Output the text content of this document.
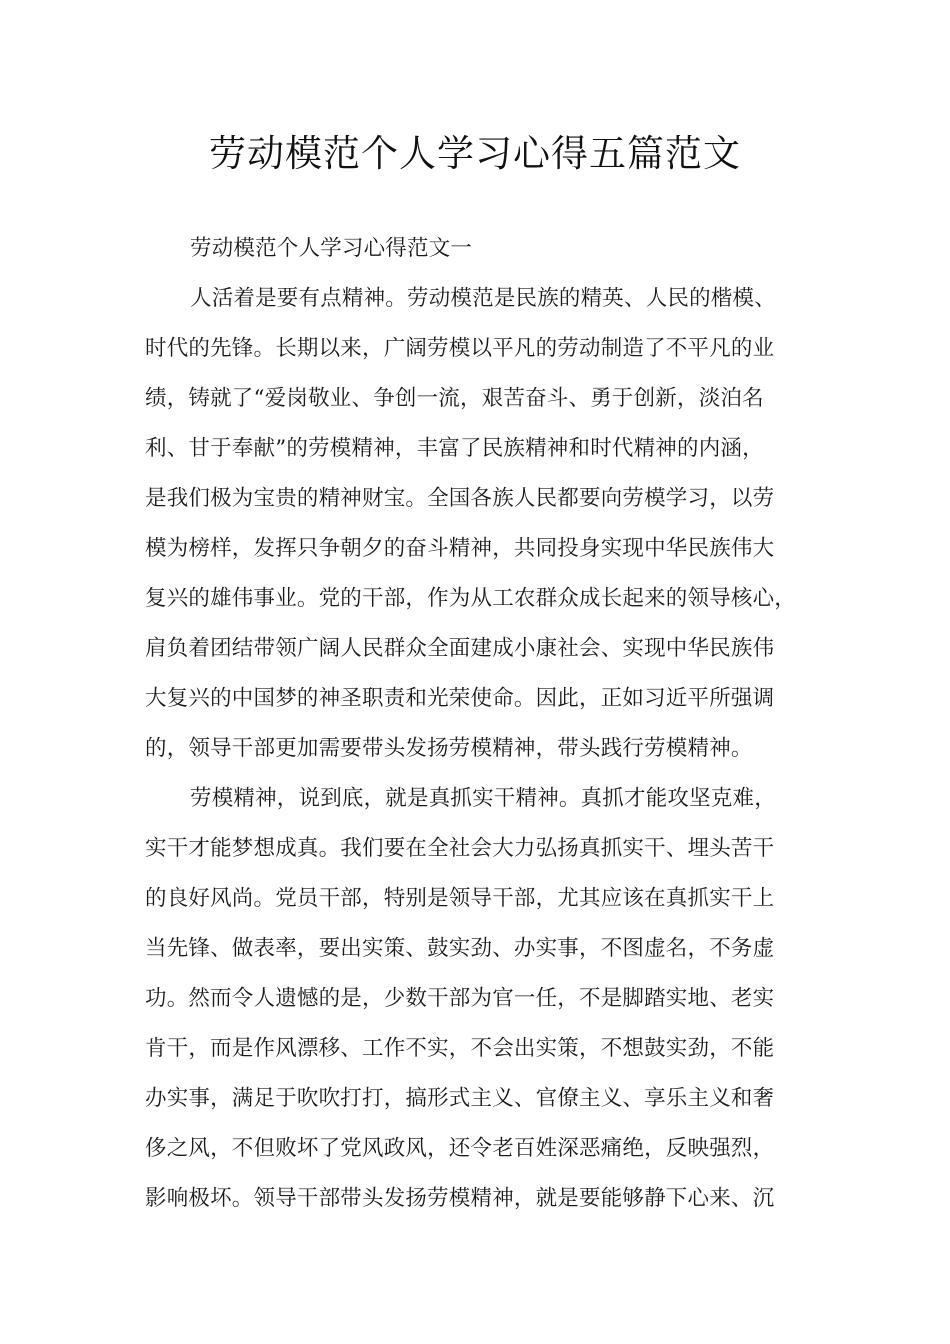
劳动模范个人学习心得五篇范文
劳动模范个人学习心得范文一
人活着是要有点精神。劳动模范是民族的精英、人民的楷模、
时代的先锋。长期以来，广阔劳模以平凡的劳动制造了不平凡的业
绩，铸就了“爱岗敬业、争创一流，艰苦奋斗、勇于创新，淡泊名
利、甘于奉献”的劳模精神，丰富了民族精神和时代精神的内涵，
是我们极为宝贵的精神财宝。全国各族人民都要向劳模学习，以劳
模为榜样，发挥只争朝夕的奋斗精神，共同投身实现中华民族伟大
复兴的雄伟事业。党的干部，作为从工农群众成长起来的领导核心，
肩负着团结带领广阔人民群众全面建成小康社会、实现中华民族伟
大复兴的中国梦的神圣职责和光荣使命。因此，正如习近平所强调
的，领导干部更加需要带头发扬劳模精神，带头践行劳模精神。
劳模精神，说到底，就是真抓实干精神。真抓才能攻坚克难，
实干才能梦想成真。我们要在全社会大力弘扬真抓实干、埋头苦干
的良好风尚。党员干部，特别是领导干部，尤其应该在真抓实干上
当先锋、做表率，要出实策、鼓实劲、办实事，不图虚名，不务虚
功。然而令人遗憾的是，少数干部为官一任，不是脚踏实地、老实
肯干，而是作风漂移、工作不实，不会出实策，不想鼓实劲，不能
办实事，满足于吹吹打打，搞形式主义、官僚主义、享乐主义和奢
侈之风，不但败坏了党风政风，还令老百姓深恶痛绝，反映强烈，
影响极坏。领导干部带头发扬劳模精神，就是要能够静下心来、沉
